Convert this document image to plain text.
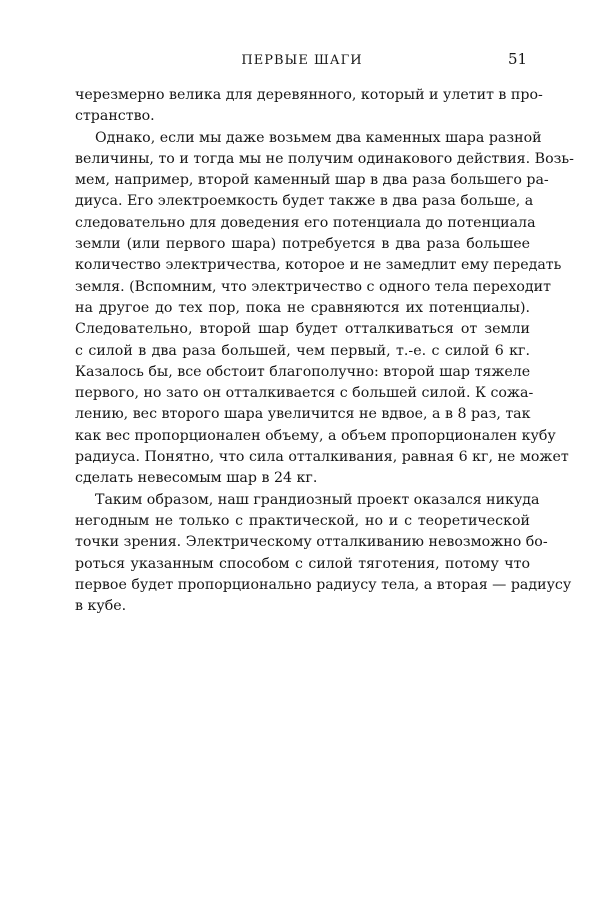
ПЕРВЫЕ ШАГИ	51
черезмерно велика для деревянного, который и улетит в про-
странство.
Однако, если мы даже возьмем два каменных шара разной
величины, то и тогда мы не получим одинакового действия. Возь-
мем, например, второй каменный шар в два раза большего ра-
диуса. Его электроемкость будет также в два раза больше, а
следовательно для доведения его потенциала до потенциала
земли (или первого шара) потребуется в два раза большее
количество электричества, которое и не замедлит ему передать
земля. (Вспомним, что электричество с одного тела переходит
на другое до тех пор, пока не сравняются их потенциалы).
Следовательно, второй шар будет отталкиваться от земли
с силой в два раза большей, чем первый, т.-е. с силой 6 кг.
Казалось бы, все обстоит благополучно: второй шар тяжеле
первого, но зато он отталкивается с большей силой. К сожа-
лению, вес второго шара увеличится не вдвое, а в 8 раз, так
как вес пропорционален объему, а объем пропорционален кубу
радиуса. Понятно, что сила отталкивания, равная 6 кг, не может
сделать невесомым шар в 24 кг.
Таким образом, наш грандиозный проект оказался никуда
негодным не только с практической, но и с теоретической
точки зрения. Электрическому отталкиванию невозможно бо-
роться указанным способом с силой тяготения, потому что
первое будет пропорционально радиусу тела, а вторая — радиусу
в кубе.
